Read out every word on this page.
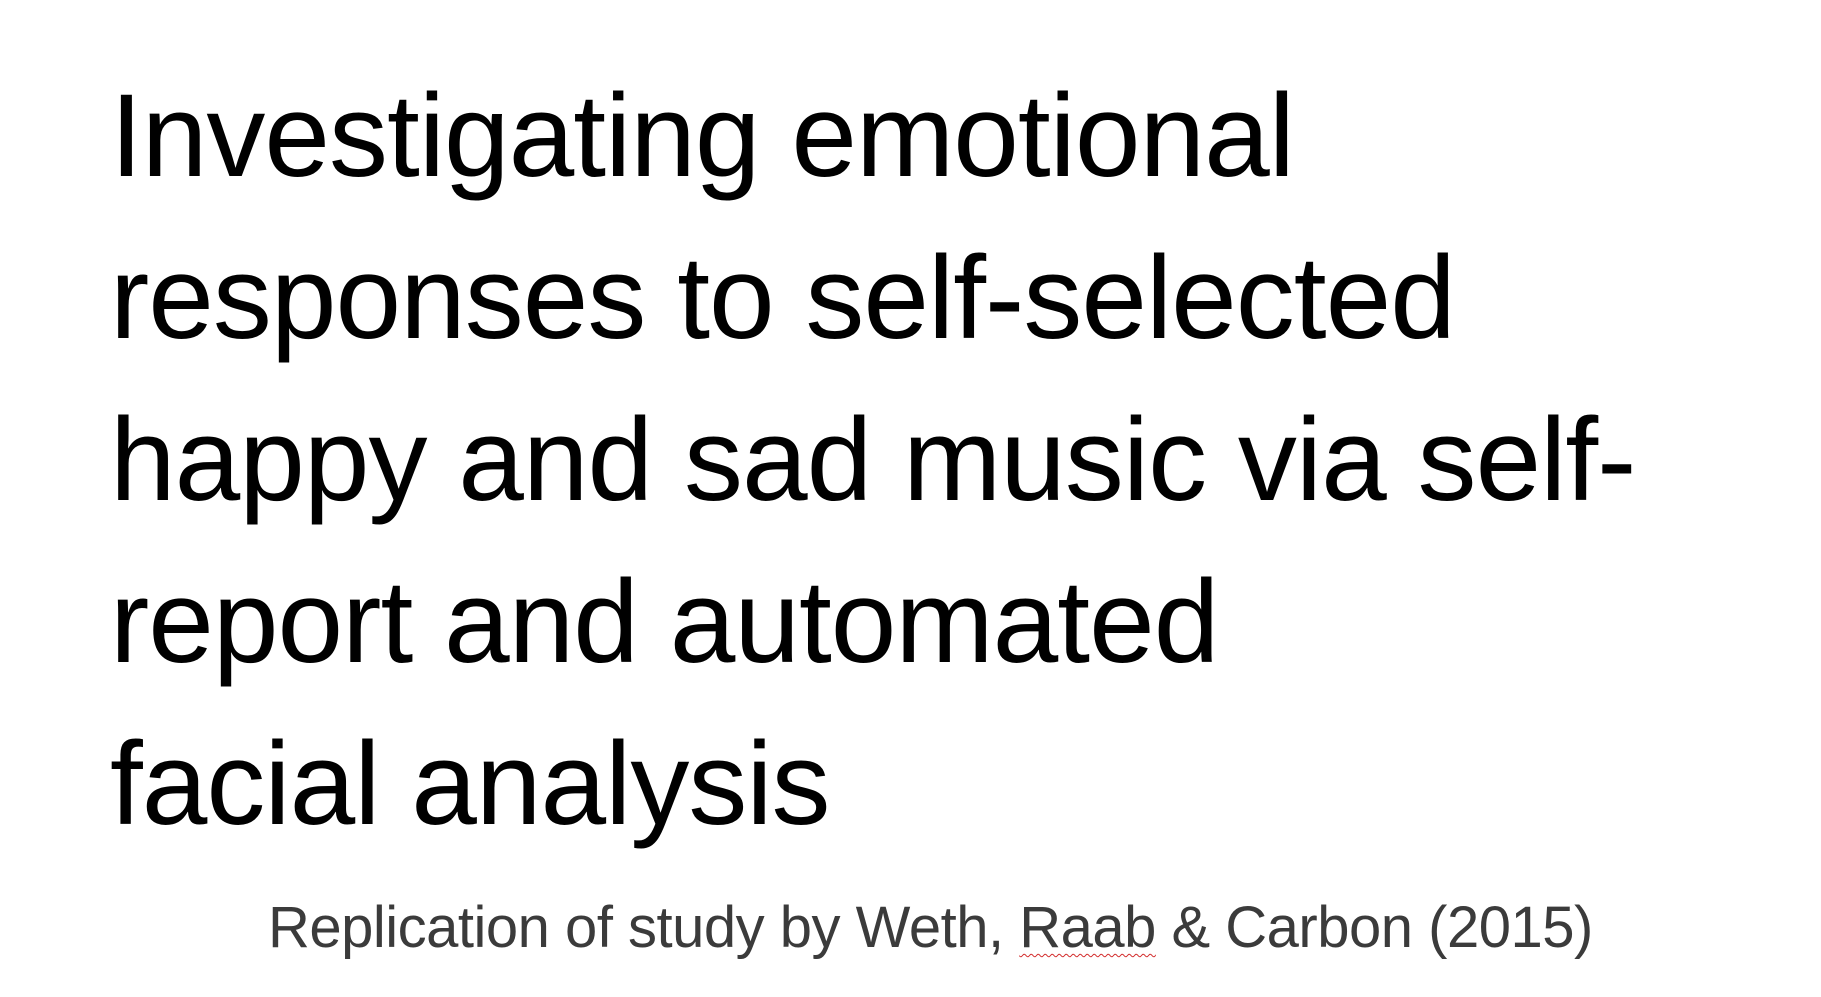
Investigating emotional
responses to self-selected
happy and sad music via self-
report and automated
facial analysis

Replication of study by Weth, Raab & Carbon (2015)
